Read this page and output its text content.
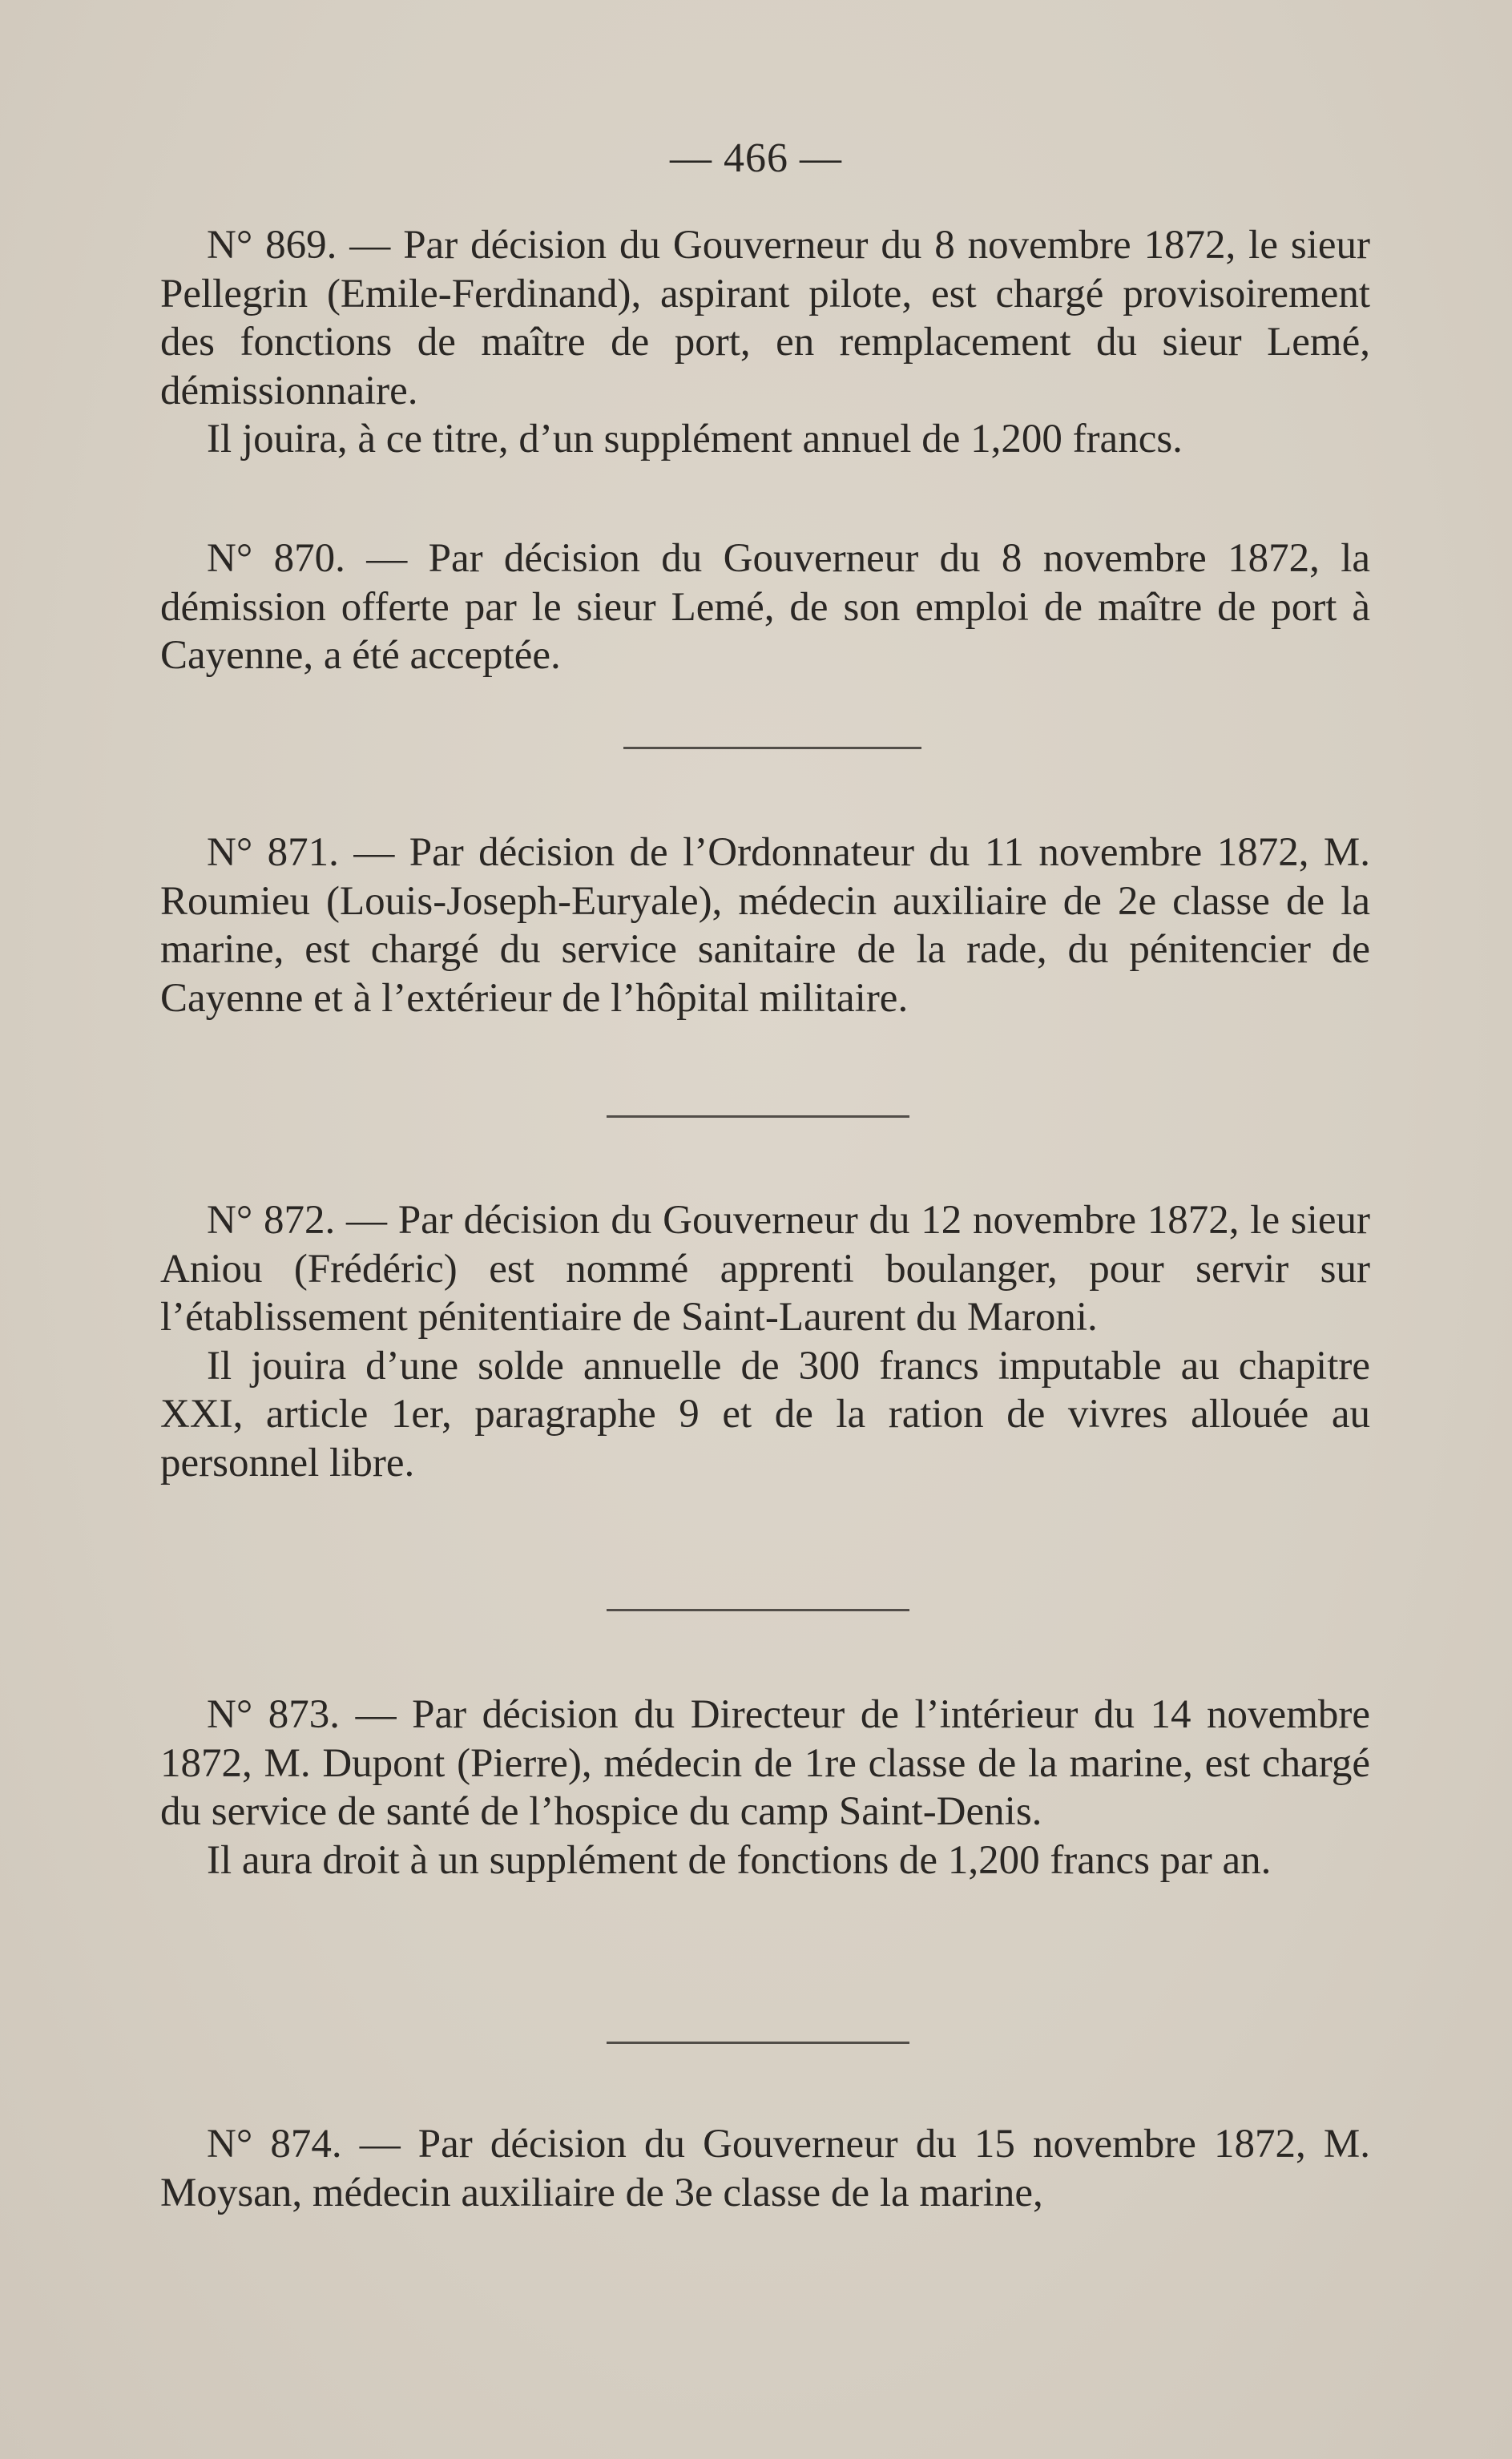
— 466 —

N° 869. — Par décision du Gouverneur du 8 novembre 1872, le sieur Pellegrin (Emile-Ferdinand), aspirant pilote, est chargé provisoirement des fonctions de maître de port, en remplacement du sieur Lemé, démissionnaire.

Il jouira, à ce titre, d’un supplément annuel de 1,200 francs.

N° 870. — Par décision du Gouverneur du 8 novembre 1872, la démission offerte par le sieur Lemé, de son emploi de maître de port à Cayenne, a été acceptée.

N° 871. — Par décision de l’Ordonnateur du 11 novembre 1872, M. Roumieu (Louis-Joseph-Euryale), médecin auxiliaire de 2e classe de la marine, est chargé du service sanitaire de la rade, du pénitencier de Cayenne et à l’extérieur de l’hôpital militaire.

N° 872. — Par décision du Gouverneur du 12 novembre 1872, le sieur Aniou (Frédéric) est nommé apprenti boulanger, pour servir sur l’établissement pénitentiaire de Saint-Laurent du Maroni.

Il jouira d’une solde annuelle de 300 francs imputable au chapitre XXI, article 1er, paragraphe 9 et de la ration de vivres allouée au personnel libre.

N° 873. — Par décision du Directeur de l’intérieur du 14 novembre 1872, M. Dupont (Pierre), médecin de 1re classe de la marine, est chargé du service de santé de l’hospice du camp Saint-Denis.

Il aura droit à un supplément de fonctions de 1,200 francs par an.

N° 874. — Par décision du Gouverneur du 15 novembre 1872, M. Moysan, médecin auxiliaire de 3e classe de la marine,
